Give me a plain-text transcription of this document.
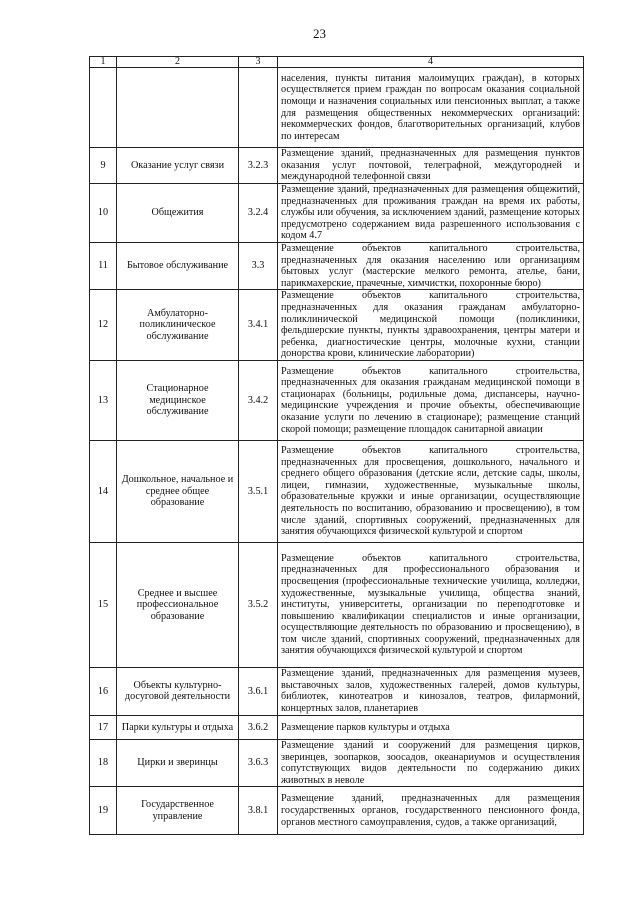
23
1	2	3	4
			населения, пункты питания малоимущих граждан), в которых осуществляется прием граждан по вопросам оказания социальной помощи и назначения социальных или пенсионных выплат, а также для размещения общественных некоммерческих организаций: некоммерческих фондов, благотворительных организаций, клубов по интересам
9	Оказание услуг связи	3.2.3	Размещение зданий, предназначенных для размещения пунктов оказания услуг почтовой, телеграфной, междугородней и международной телефонной связи
10	Общежития	3.2.4	Размещение зданий, предназначенных для размещения общежитий, предназначенных для проживания граждан на время их работы, службы или обучения, за исключением зданий, размещение которых предусмотрено содержанием вида разрешенного использования с кодом 4.7
11	Бытовое обслуживание	3.3	Размещение объектов капитального строительства, предназначенных для оказания населению или организациям бытовых услуг (мастерские мелкого ремонта, ателье, бани, парикмахерские, прачечные, химчистки, похоронные бюро)
12	Амбулаторно-поликлиническое обслуживание	3.4.1	Размещение объектов капитального строительства, предназначенных для оказания гражданам амбулаторно-поликлинической медицинской помощи (поликлиники, фельдшерские пункты, пункты здравоохранения, центры матери и ребенка, диагностические центры, молочные кухни, станции донорства крови, клинические лаборатории)
13	Стационарное медицинское обслуживание	3.4.2	Размещение объектов капитального строительства, предназначенных для оказания гражданам медицинской помощи в стационарах (больницы, родильные дома, диспансеры, научно-медицинские учреждения и прочие объекты, обеспечивающие оказание услуги по лечению в стационаре); размещение станций скорой помощи; размещение площадок санитарной авиации
14	Дошкольное, начальное и среднее общее образование	3.5.1	Размещение объектов капитального строительства, предназначенных для просвещения, дошкольного, начального и среднего общего образования (детские ясли, детские сады, школы, лицеи, гимназии, художественные, музыкальные школы, образовательные кружки и иные организации, осуществляющие деятельность по воспитанию, образованию и просвещению), в том числе зданий, спортивных сооружений, предназначенных для занятия обучающихся физической культурой и спортом
15	Среднее и высшее профессиональное образование	3.5.2	Размещение объектов капитального строительства, предназначенных для профессионального образования и просвещения (профессиональные технические училища, колледжи, художественные, музыкальные училища, общества знаний, институты, университеты, организации по переподготовке и повышению квалификации специалистов и иные организации, осуществляющие деятельность по образованию и просвещению), в том числе зданий, спортивных сооружений, предназначенных для занятия обучающихся физической культурой и спортом
16	Объекты культурно-досуговой деятельности	3.6.1	Размещение зданий, предназначенных для размещения музеев, выставочных залов, художественных галерей, домов культуры, библиотек, кинотеатров и кинозалов, театров, филармоний, концертных залов, планетариев
17	Парки культуры и отдыха	3.6.2	Размещение парков культуры и отдыха
18	Цирки и зверинцы	3.6.3	Размещение зданий и сооружений для размещения цирков, зверинцев, зоопарков, зоосадов, океанариумов и осуществления сопутствующих видов деятельности по содержанию диких животных в неволе
19	Государственное управление	3.8.1	Размещение зданий, предназначенных для размещения государственных органов, государственного пенсионного фонда, органов местного самоуправления, судов, а также организаций,
